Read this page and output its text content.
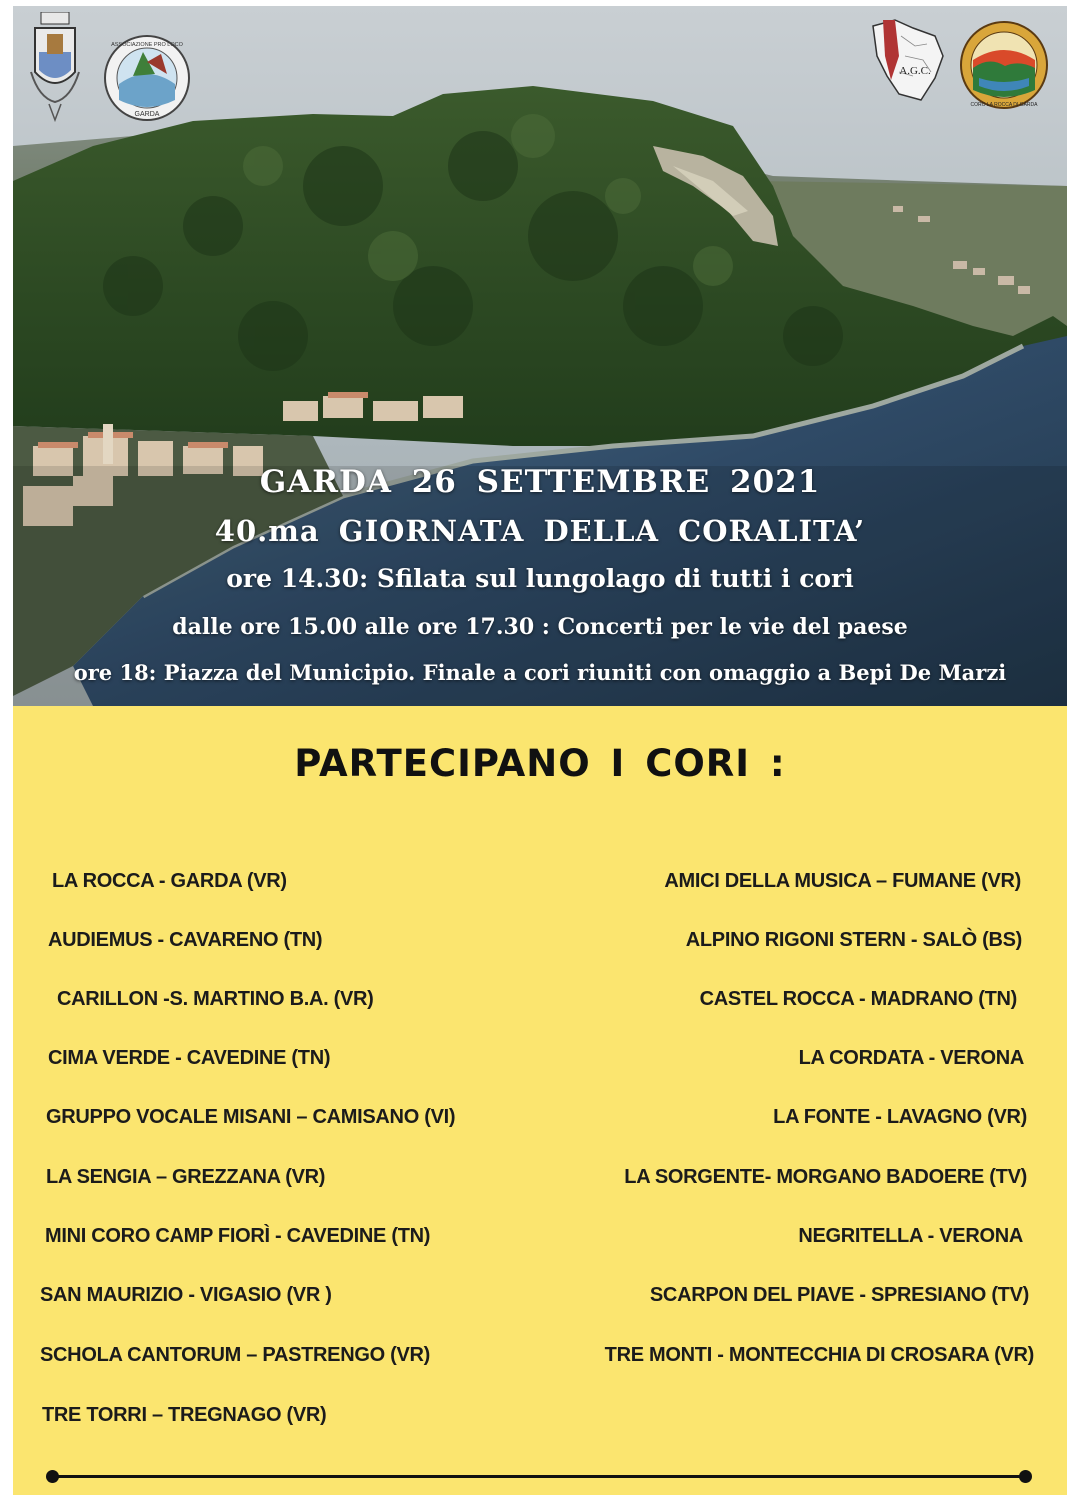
GARDA
ASSOCIAZIONE PRO LOCO
A.G.C.
CORO LA ROCCA DI GARDA
GARDA 26 SETTEMBRE 2021
40.ma GIORNATA DELLA CORALITA’
ore 14.30: Sfilata sul lungolago di tutti i cori
dalle ore 15.00 alle ore 17.30 : Concerti per le vie del paese
ore 18: Piazza del Municipio. Finale a cori riuniti con omaggio a Bepi De Marzi
PARTECIPANO I CORI :
LA ROCCA - GARDA (VR)
AUDIEMUS - CAVARENO (TN)
CARILLON -S. MARTINO B.A. (VR)
CIMA VERDE - CAVEDINE (TN)
GRUPPO VOCALE MISANI – CAMISANO (VI)
LA SENGIA – GREZZANA (VR)
MINI CORO CAMP FIORÌ - CAVEDINE (TN)
SAN MAURIZIO - VIGASIO (VR )
SCHOLA CANTORUM – PASTRENGO (VR)
TRE TORRI – TREGNAGO (VR)
AMICI DELLA MUSICA – FUMANE (VR)
ALPINO RIGONI STERN - SALÒ (BS)
CASTEL ROCCA - MADRANO (TN)
LA CORDATA - VERONA
LA FONTE - LAVAGNO (VR)
LA SORGENTE- MORGANO BADOERE (TV)
NEGRITELLA - VERONA
SCARPON DEL PIAVE - SPRESIANO (TV)
TRE MONTI - MONTECCHIA DI CROSARA (VR)
